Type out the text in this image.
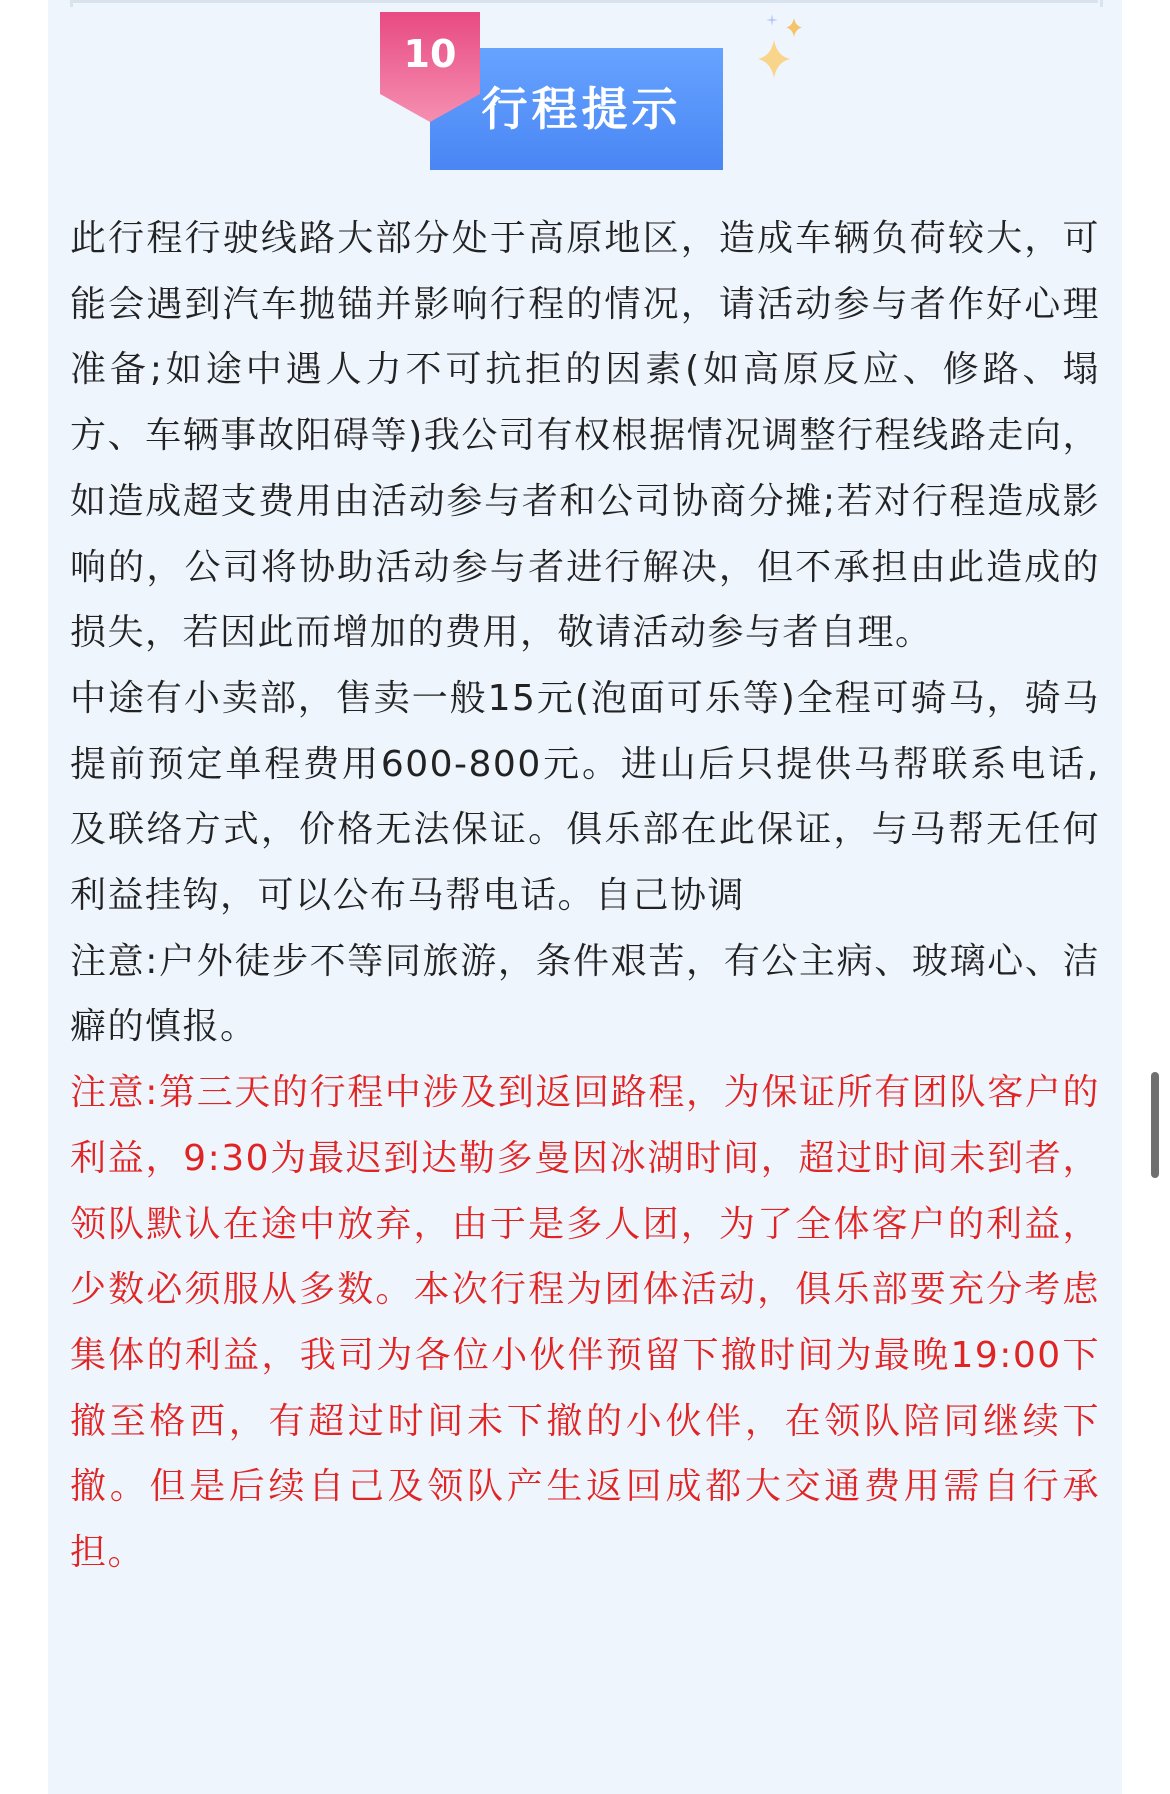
行程提示
10

此行程行驶线路大部分处于高原地区，造成车辆负荷较大，可能会遇到汽车抛锚并影响行程的情况，请活动参与者作好心理准备;如途中遇人力不可抗拒的因素(如高原反应、修路、塌方、车辆事故阳碍等)我公司有权根据情况调整行程线路走向，如造成超支费用由活动参与者和公司协商分摊;若对行程造成影响的，公司将协助活动参与者进行解决，但不承担由此造成的损失，若因此而增加的费用，敬请活动参与者自理。

中途有小卖部，售卖一般15元(泡面可乐等)全程可骑马，骑马提前预定单程费用600-800元。进山后只提供马帮联系电话,及联络方式，价格无法保证。俱乐部在此保证，与马帮无任何利益挂钩，可以公布马帮电话。自己协调

注意:户外徒步不等同旅游，条件艰苦，有公主病、玻璃心、洁癖的慎报。

注意:第三天的行程中涉及到返回路程，为保证所有团队客户的利益，9:30为最迟到达勒多曼因冰湖时间，超过时间未到者，领队默认在途中放弃，由于是多人团，为了全体客户的利益，少数必须服从多数。本次行程为团体活动，俱乐部要充分考虑集体的利益，我司为各位小伙伴预留下撤时间为最晚19:00下撤至格西，有超过时间未下撤的小伙伴，在领队陪同继续下撤。但是后续自己及领队产生返回成都大交通费用需自行承担。
